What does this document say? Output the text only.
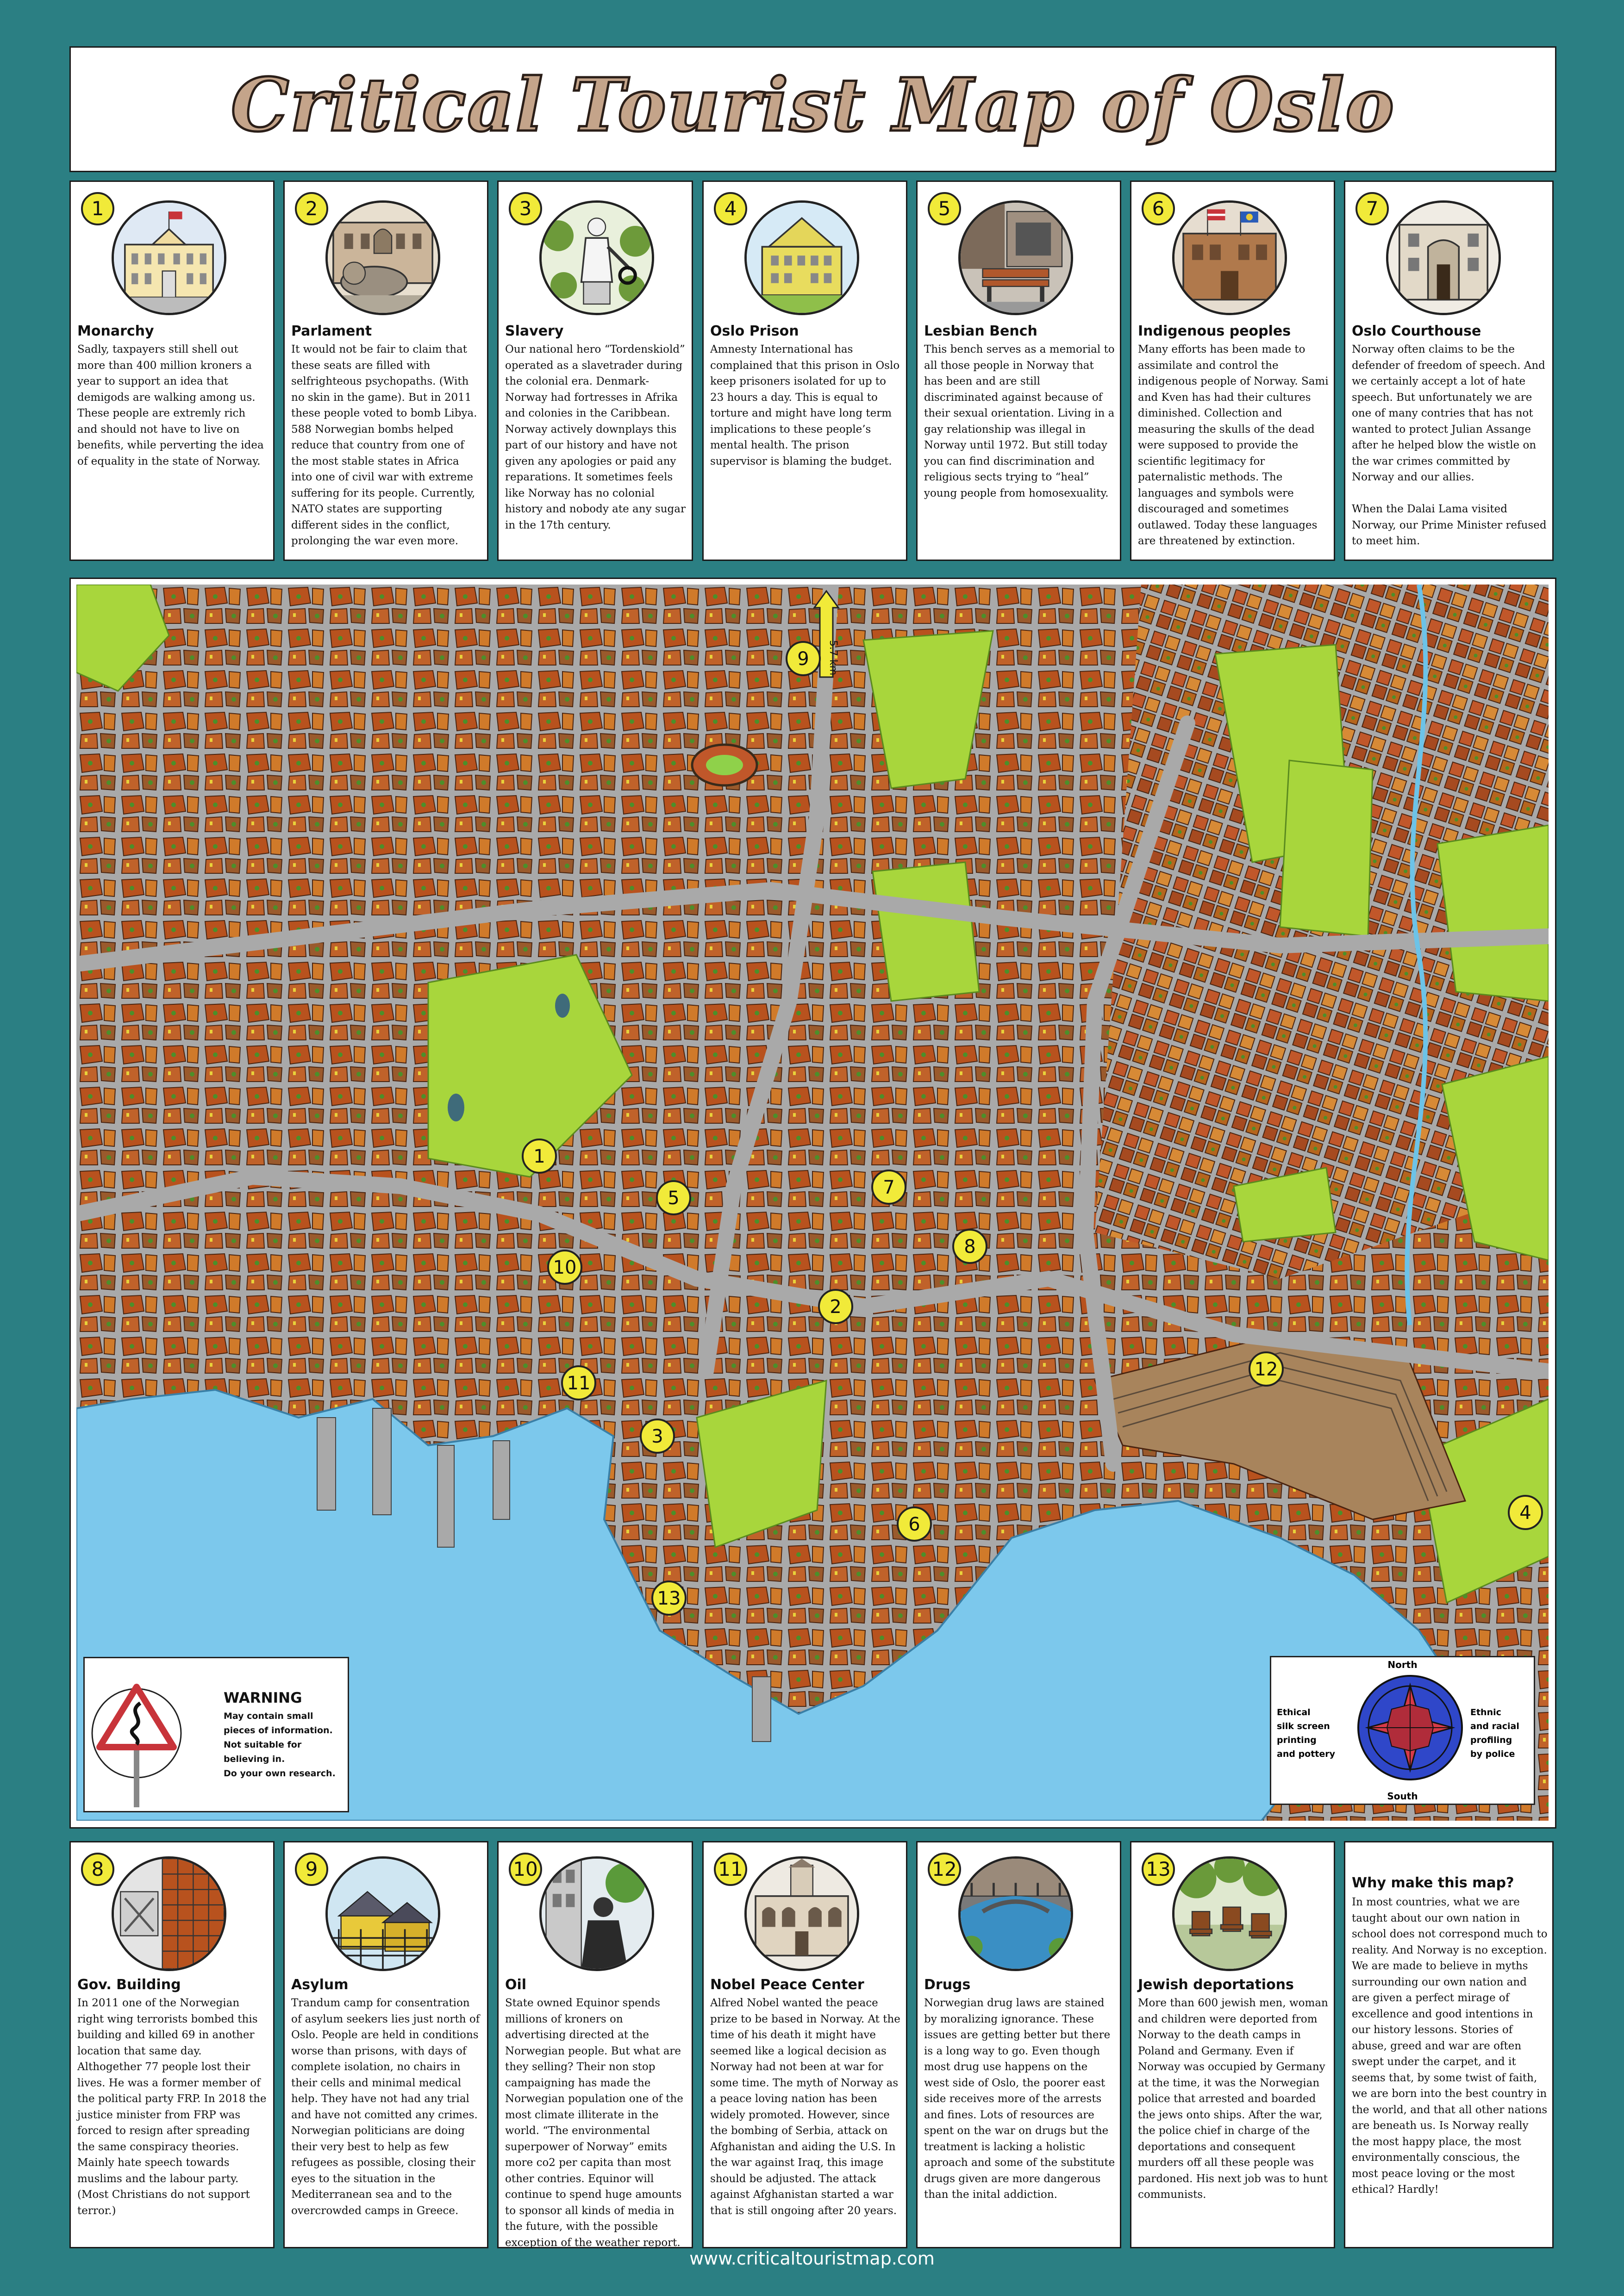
Critical Tourist Map of Oslo
1
Monarchy
Sadly, taxpayers still shell out more than 400 million kroners a year to support an idea that demigods are walking among us. These people are extremly rich and should not have to live on benefits, while perverting the idea of equality in the state of Norway.
2
Parlament
It would not be fair to claim that these seats are filled with selfrighteous psychopaths. (With no skin in the game). But in 2011 these people voted to bomb Libya. 588 Norwegian bombs helped reduce that country from one of the most stable states in Africa into one of civil war with extreme suffering for its people. Currently, NATO states are supporting different sides in the conflict, prolonging the war even more.
3
Slavery
Our national hero “Tordenskiold” operated as a slavetrader during the colonial era. Denmark-Norway had fortresses in Afrika and colonies in the Caribbean. Norway actively downplays this part of our history and have not given any apologies or paid any reparations. It sometimes feels like Norway has no colonial history and nobody ate any sugar in the 17th century.
4
Oslo Prison
Amnesty International has complained that this prison in Oslo keep prisoners isolated for up to 23 hours a day. This is equal to torture and might have long term implications to these people’s mental health. The prison supervisor is blaming the budget.
5
Lesbian Bench
This bench serves as a memorial to all those people in Norway that has been and are still discriminated against because of their sexual orientation. Living in a gay relationship was illegal in Norway until 1972. But still today you can find discrimination and religious sects trying to “heal” young people from homosexuality.
6
Indigenous peoples
Many efforts has been made to assimilate and control the indigenous people of Norway. Sami and Kven has had their cultures diminished. Collection and measuring the skulls of the dead were supposed to provide the scientific legitimacy for paternalistic methods. The languages and symbols were discouraged and sometimes outlawed. Today these languages are threatened by extinction.
7
Oslo Courthouse
Norway often claims to be the defender of freedom of speech. And we certainly accept a lot of hate speech. But unfortunately we are one of many contries that has not wanted to protect Julian Assange after he helped blow the wistle on the war crimes committed by Norway and our allies.

When the Dalai Lama visited Norway, our Prime Minister refused to meet him.
5.7 km
1
2
3
4
5
6
7
8
9
10
11
12
13
WARNING
May contain small
pieces of information.
Not suitable for
believing in.
Do your own research.
North
Ethical
silk screen
printing
and pottery
Ethnic
and racial
profiling
by police
South
8
Gov. Building
In 2011 one of the Norwegian right wing terrorists bombed this building and killed 69 in another location that same day. Althogether 77 people lost their lives. He was a former member of the political party FRP. In 2018 the justice minister from FRP was forced to resign after spreading the same conspiracy theories. Mainly hate speech towards muslims and the labour party. (Most Christians do not support terror.)
9
Asylum
Trandum camp for consentration of asylum seekers lies just north of Oslo. People are held in conditions worse than prisons, with days of complete isolation, no chairs in their cells and minimal medical help. They have not had any trial and have not comitted any crimes. Norwegian politicians are doing their very best to help as few refugees as possible, closing their eyes to the situation in the Mediterranean sea and to the overcrowded camps in Greece.
10
Oil
State owned Equinor spends millions of kroners on advertising directed at the Norwegian people. But what are they selling? Their non stop campaigning has made the Norwegian population one of the most climate illiterate in the world. “The environmental superpower of Norway” emits more co2 per capita than most other contries. Equinor will continue to spend huge amounts to sponsor all kinds of media in the future, with the possible exception of the weather report.
11
Nobel Peace Center
Alfred Nobel wanted the peace prize to be based in Norway. At the time of his death it might have seemed like a logical decision as Norway had not been at war for some time. The myth of Norway as a peace loving nation has been widely promoted. However, since the bombing of Serbia, attack on Afghanistan and aiding the U.S. In the war against Iraq, this image should be adjusted. The attack against Afghanistan started a war that is still ongoing after 20 years.
12
Drugs
Norwegian drug laws are stained by moralizing ignorance. These issues are getting better but there is a long way to go. Even though most drug use happens on the west side of Oslo, the poorer east side receives more of the arrests and fines. Lots of resources are spent on the war on drugs but the treatment is lacking a holistic aproach and some of the substitute drugs given are more dangerous than the inital addiction.
13
Jewish deportations
More than 600 jewish men, woman and children were deported from Norway to the death camps in Poland and Germany. Even if Norway was occupied by Germany at the time, it was the Norwegian police that arrested and boarded the jews onto ships. After the war, the police chief in charge of the deportations and consequent murders off all these people was pardoned. His next job was to hunt communists.
Why make this map?
In most countries, what we are taught about our own nation in school does not correspond much to reality. And Norway is no exception. We are made to believe in myths surrounding our own nation and are given a perfect mirage of excellence and good intentions in our history lessons. Stories of abuse, greed and war are often swept under the carpet, and it seems that, by some twist of faith, we are born into the best country in the world, and that all other nations are beneath us. Is Norway really the most happy place, the most environmentally conscious, the most peace loving or the most ethical? Hardly!
www.criticaltouristmap.com
